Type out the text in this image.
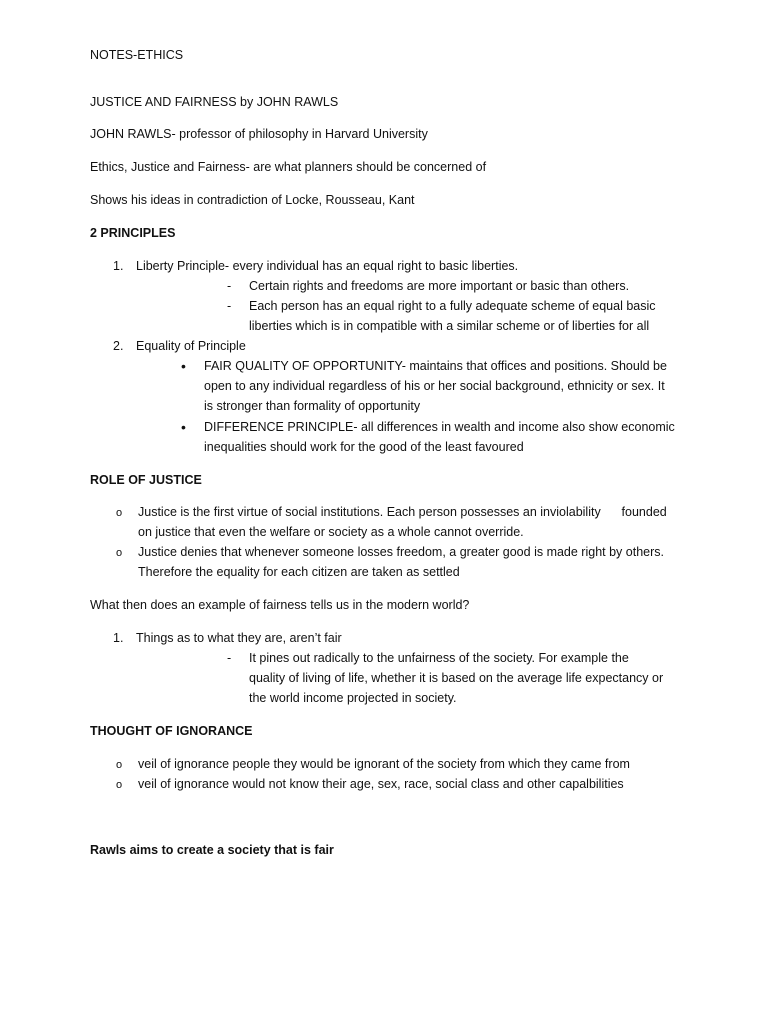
NOTES-ETHICS
JUSTICE AND FAIRNESS by JOHN RAWLS
JOHN RAWLS- professor of philosophy in Harvard University
Ethics, Justice and Fairness- are what planners should be concerned of
Shows his ideas in contradiction of Locke, Rousseau, Kant
2 PRINCIPLES
1. Liberty Principle- every individual has an equal right to basic liberties.
- Certain rights and freedoms are more important or basic than others.
- Each person has an equal right to a fully adequate scheme of equal basic
liberties which is in compatible with a similar scheme or of liberties for all
2. Equality of Principle
• FAIR QUALITY OF OPPORTUNITY- maintains that offices and positions. Should be
open to any individual regardless of his or her social background, ethnicity or sex. It
is stronger than formality of opportunity
• DIFFERENCE PRINCIPLE- all differences in wealth and income also show economic
inequalities should work for the good of the least favoured
ROLE OF JUSTICE
o Justice is the first virtue of social institutions. Each person possesses an inviolability      founded
on justice that even the welfare or society as a whole cannot override.
o Justice denies that whenever someone losses freedom, a greater good is made right by others.
Therefore the equality for each citizen are taken as settled
What then does an example of fairness tells us in the modern world?
1. Things as to what they are, aren’t fair
- It pines out radically to the unfairness of the society. For example the
quality of living of life, whether it is based on the average life expectancy or
the world income projected in society.
THOUGHT OF IGNORANCE
o veil of ignorance people they would be ignorant of the society from which they came from
o veil of ignorance would not know their age, sex, race, social class and other capalbilities
Rawls aims to create a society that is fair
